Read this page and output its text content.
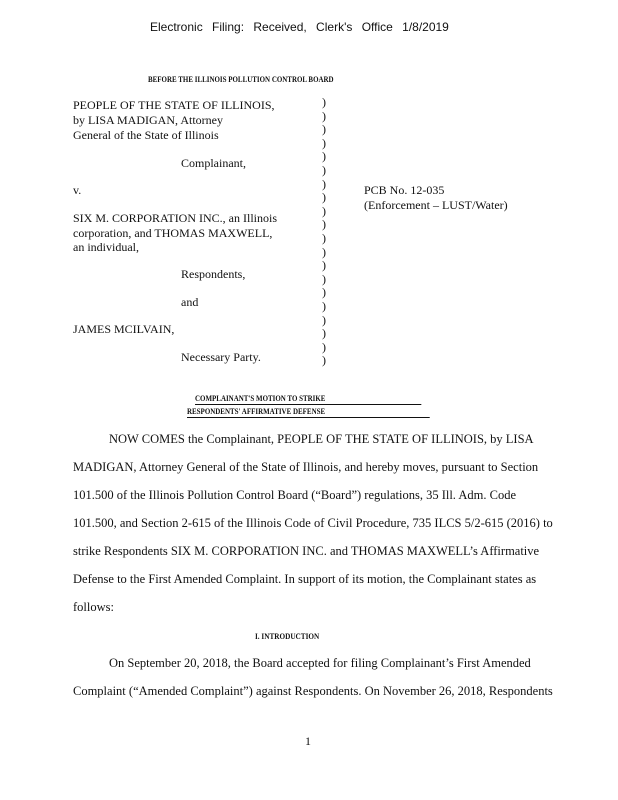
Electronic Filing: Received, Clerk's Office 1/8/2019
BEFORE THE ILLINOIS POLLUTION CONTROL BOARD
PEOPLE OF THE STATE OF ILLINOIS,
by LISA MADIGAN, Attorney
General of the State of Illinois
Complainant,
v.
SIX M. CORPORATION INC., an Illinois
corporation, and THOMAS MAXWELL,
an individual,
Respondents,
and
JAMES MCILVAIN,
Necessary Party.
)
)
)
)
)
)
)
)
)
)
)
)
)
)
)
)
)
)
)
)
PCB No. 12-035
(Enforcement – LUST/Water)
COMPLAINANT'S MOTION TO STRIKE
RESPONDENTS' AFFIRMATIVE DEFENSE
NOW COMES the Complainant, PEOPLE OF THE STATE OF ILLINOIS, by LISA
MADIGAN, Attorney General of the State of Illinois, and hereby moves, pursuant to Section
101.500 of the Illinois Pollution Control Board (“Board”) regulations, 35 Ill. Adm. Code
101.500, and Section 2-615 of the Illinois Code of Civil Procedure, 735 ILCS 5/2-615 (2016) to
strike Respondents SIX M. CORPORATION INC. and THOMAS MAXWELL’s Affirmative
Defense to the First Amended Complaint. In support of its motion, the Complainant states as
follows:
I. INTRODUCTION
On September 20, 2018, the Board accepted for filing Complainant’s First Amended
Complaint (“Amended Complaint”) against Respondents. On November 26, 2018, Respondents
1
